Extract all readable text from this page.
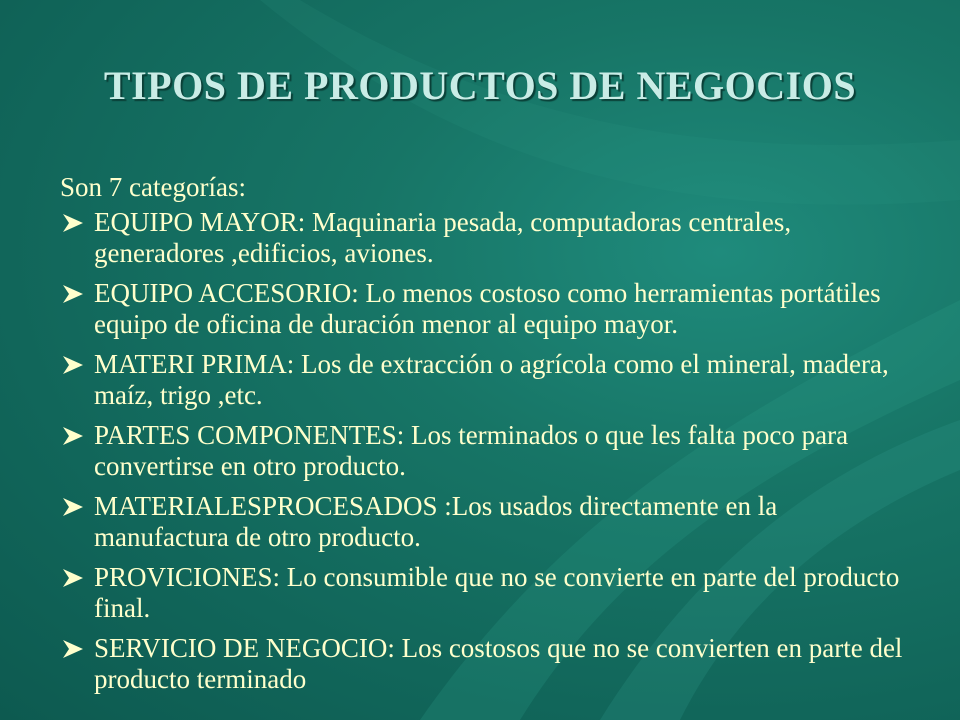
TIPOS DE PRODUCTOS DE NEGOCIOS

Son 7 categorías:

EQUIPO MAYOR: Maquinaria pesada, computadoras centrales, generadores ,edificios, aviones.
EQUIPO ACCESORIO: Lo menos costoso como herramientas portátiles equipo de oficina de duración menor al equipo mayor.
MATERI PRIMA: Los de extracción o agrícola como el mineral, madera, maíz, trigo ,etc.
PARTES COMPONENTES: Los terminados o que les falta poco para convertirse en otro producto.
MATERIALESPROCESADOS :Los usados directamente en la manufactura de otro producto.
PROVICIONES: Lo consumible que no se convierte en parte del producto final.
SERVICIO DE NEGOCIO: Los costosos que no se convierten en parte del producto terminado
